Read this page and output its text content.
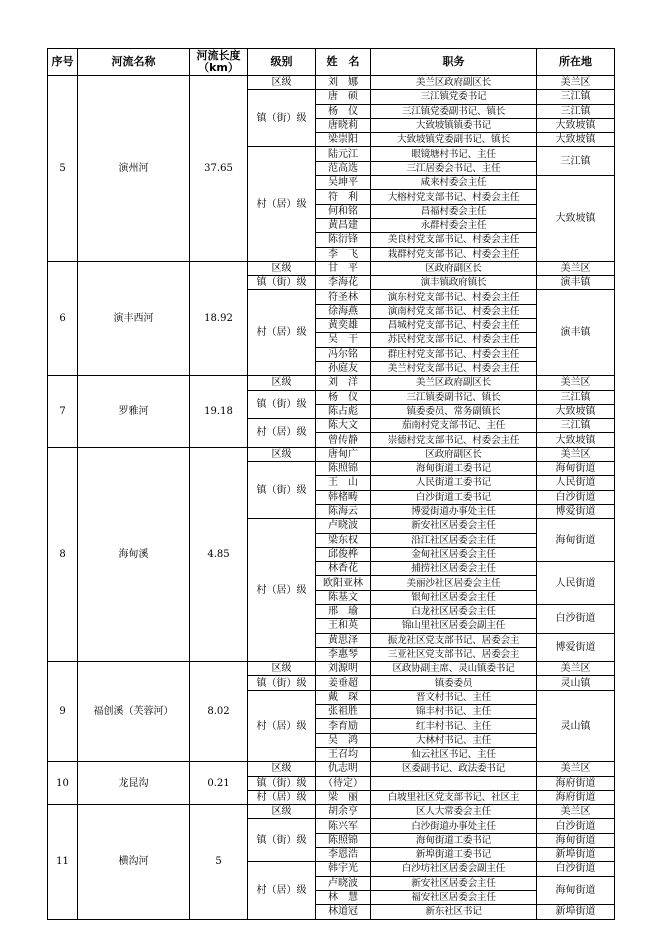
序号	河流名称	河流长度（km）	级别	姓　名	职务	所在地
5	演州河	37.65	区级	刘　娜	美兰区政府副区长	美兰区
			镇（街）级	唐　硕	三江镇党委书记	三江镇
				杨　仪	三江镇党委副书记、镇长	三江镇
				唐晓莉	大致坡镇镇委书记	大致坡镇
				梁崇阳	大致坡镇党委副书记、镇长	大致坡镇
			村（居）级	陆元江	眼镜塘村书记、主任	三江镇
				范高选	三江居委会书记、主任	
				吴坤平	咸来村委会主任	大致坡镇
				符　利	大榕村党支部书记、村委会主任	
				何和铭	昌福村委会主任	
				黄昌建	永群村委会主任	
				陈衍锋	美良村党支部书记、村委会主任	
				李　飞	栽群村党支部书记、村委会主任	
6	演丰西河	18.92	区级	甘　平	区政府副区长	美兰区
			镇（街）级	李海花	演丰镇政府镇长	演丰镇
			村（居）级	符圣林	演东村党支部书记、村委会主任	演丰镇
				徐海燕	演南村党支部书记、村委会主任	
				黄奕雄	昌城村党支部书记、村委会主任	
				吴　干	苏民村党支部书记、村委会主任	
				冯尔铭	群庄村党支部书记、村委会主任	
				孙庭友	美兰村党支部书记、村委会主任	
7	罗雅河	19.18	区级	刘　洋	美兰区政府副区长	美兰区
			镇（街）级	杨　仪	三江镇委副书记、镇长	三江镇
				陈占彪	镇委委员、常务副镇长	大致坡镇
			村（居）级	陈大文	茄南村党支部书记、主任	三江镇
				曾传静	崇德村党支部书记、村委会主任	大致坡镇
8	海甸溪	4.85	区级	唐甸广	区政府副区长	美兰区
			镇（街）级	陈照锦	海甸街道工委书记	海甸街道
				王　山	人民街道工委书记	人民街道
				韩楮畴	白沙街道工委书记	白沙街道
				陈海云	博爱街道办事处主任	博爱街道
			村（居）级	卢晓波	新安社区居委会主任	海甸街道
				梁东权	沿江社区居委会主任	
				邱俊桦	金甸社区居委会主任	
				林香花	捕捞社区居委会主任	人民街道
				欧阳亚林	美丽沙社区居委会主任	
				陈基文	银甸社区居委会主任	
				邢　瑜	白龙社区居委会主任	白沙街道
				王和英	锦山里社区居委会副主任	
				黄思泽	振龙社区党支部书记、居委会主	博爱街道
				李惠琴	三亚社区党支部书记、居委会主	
9	福创溪（芙蓉河）	8.02	区级	刘源明	区政协副主席、灵山镇委书记	美兰区
			镇（街）级	姜垂超	镇委委员	灵山镇
			村（居）级	戴　琛	晋文村书记、主任	灵山镇
				张祖胜	锦丰村书记、主任	
				李育励	红丰村书记、主任	
				吴　鸿	大林村书记、主任	
				王召均	仙云社区书记、主任	
10	龙昆沟	0.21	区级	仇志明	区委副书记、政法委书记	美兰区
			镇（街）级	（待定）		海府街道
			村（居）级	梁　丽	白坡里社区党支部书记、社区主	海府街道
11	横沟河	5	区级	胡余亨	区人大常委会主任	美兰区
			镇（街）级	陈兴军	白沙街道办事处主任	白沙街道
				陈照锦	海甸街道工委书记	海甸街道
				李恩浩	新埠街道工委书记	新埠街道
			村（居）级	韩宇光	白沙坊社区居委会副主任	白沙街道
				卢晓波	新安社区居委会主任	海甸街道
				林　慧	福安社区居委会主任	
				林道冠	新东社区书记	新埠街道
